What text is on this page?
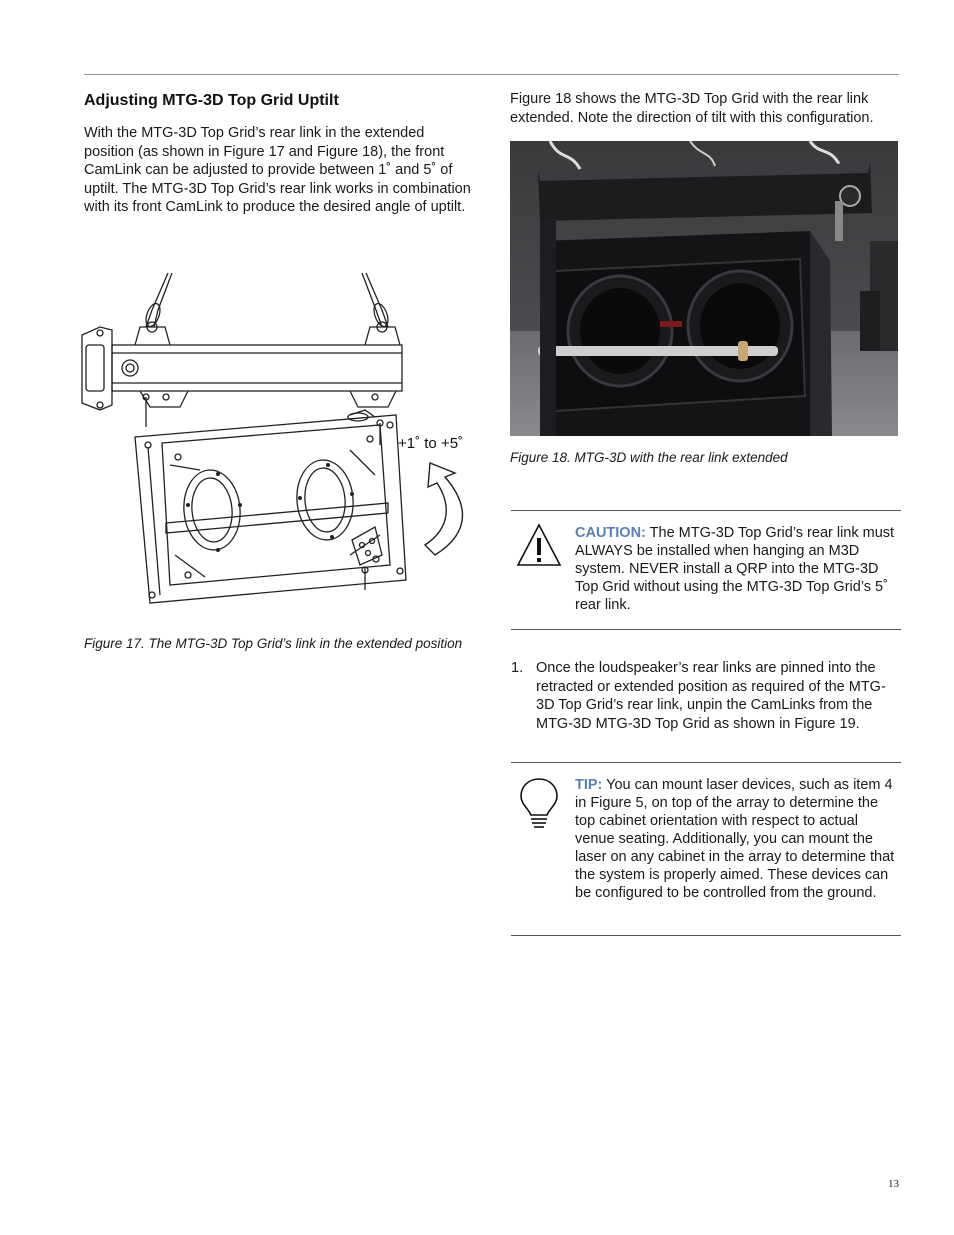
Adjusting MTG-3D Top Grid Uptilt

With the MTG-3D Top Grid’s rear link in the extended position (as shown in Figure 17 and Figure 18), the front CamLink can be adjusted to provide between 1˚ and 5˚ of uptilt. The MTG-3D Top Grid’s rear link works in combination with its front CamLink to produce the desired angle of uptilt.

+1˚ to +5˚

Figure 17. The MTG-3D Top Grid’s link in the extended position

Figure 18 shows the MTG-3D Top Grid with the rear link extended. Note the direction of tilt with this configuration.

Figure 18. MTG-3D with the rear link extended

CAUTION: The MTG-3D Top Grid’s rear link must ALWAYS be installed when hanging an M3D system. NEVER install a QRP into the MTG-3D Top Grid without using the MTG-3D Top Grid’s 5˚ rear link.
1. Once the loudspeaker’s rear links are pinned into the retracted or extended position as required of the MTG-3D Top Grid’s rear link, unpin the CamLinks from the MTG-3D MTG-3D Top Grid as shown in Figure 19.
TIP: You can mount laser devices, such as item 4 in Figure 5, on top of the array to determine the top cabinet orientation with respect to actual venue seating. Additionally, you can mount the laser on any cabinet in the array to determine that the system is properly aimed. These devices can be configured to be controlled from the ground.
13
